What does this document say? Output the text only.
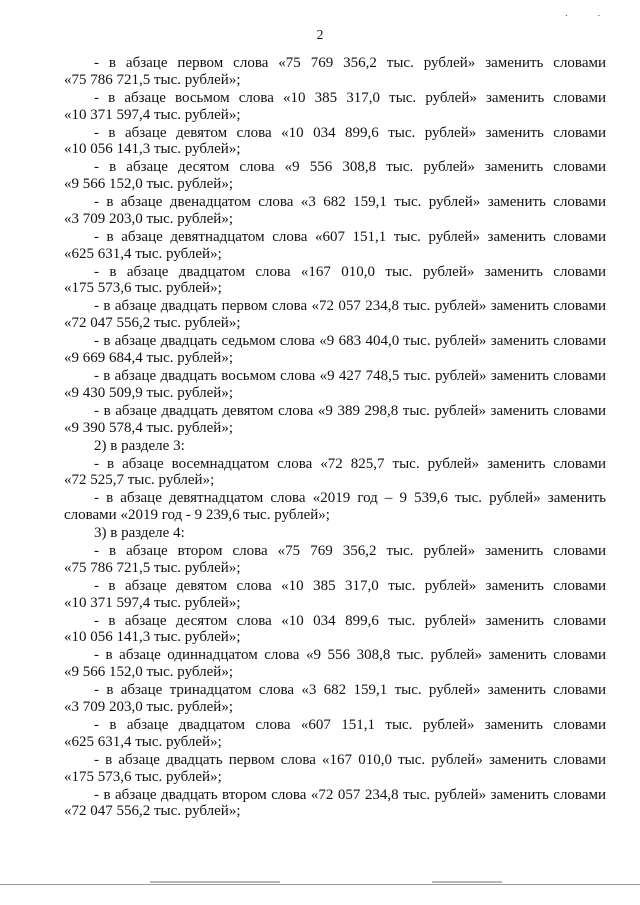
2
. .
- в абзаце первом слова «75 769 356,2 тыс. рублей» заменить словами
«75 786 721,5 тыс. рублей»;
- в абзаце восьмом слова «10 385 317,0 тыс. рублей» заменить словами
«10 371 597,4 тыс. рублей»;
- в абзаце девятом слова «10 034 899,6 тыс. рублей» заменить словами
«10 056 141,3 тыс. рублей»;
- в абзаце десятом слова «9 556 308,8 тыс. рублей» заменить словами
«9 566 152,0 тыс. рублей»;
- в абзаце двенадцатом слова «3 682 159,1 тыс. рублей» заменить словами
«3 709 203,0 тыс. рублей»;
- в абзаце девятнадцатом слова «607 151,1 тыс. рублей» заменить словами
«625 631,4 тыс. рублей»;
- в абзаце двадцатом слова «167 010,0 тыс. рублей» заменить словами
«175 573,6 тыс. рублей»;
- в абзаце двадцать первом слова «72 057 234,8 тыс. рублей» заменить словами
«72 047 556,2 тыс. рублей»;
- в абзаце двадцать седьмом слова «9 683 404,0 тыс. рублей» заменить словами
«9 669 684,4 тыс. рублей»;
- в абзаце двадцать восьмом слова «9 427 748,5 тыс. рублей» заменить словами
«9 430 509,9 тыс. рублей»;
- в абзаце двадцать девятом слова «9 389 298,8 тыс. рублей» заменить словами
«9 390 578,4 тыс. рублей»;
2) в разделе 3:
- в абзаце восемнадцатом слова «72 825,7 тыс. рублей» заменить словами
«72 525,7 тыс. рублей»;
- в абзаце девятнадцатом слова «2019 год – 9 539,6 тыс. рублей» заменить
словами «2019 год - 9 239,6 тыс. рублей»;
3) в разделе 4:
- в абзаце втором слова «75 769 356,2 тыс. рублей» заменить словами
«75 786 721,5 тыс. рублей»;
- в абзаце девятом слова «10 385 317,0 тыс. рублей» заменить словами
«10 371 597,4 тыс. рублей»;
- в абзаце десятом слова «10 034 899,6 тыс. рублей» заменить словами
«10 056 141,3 тыс. рублей»;
- в абзаце одиннадцатом слова «9 556 308,8 тыс. рублей» заменить словами
«9 566 152,0 тыс. рублей»;
- в абзаце тринадцатом слова «3 682 159,1 тыс. рублей» заменить словами
«3 709 203,0 тыс. рублей»;
- в абзаце двадцатом слова «607 151,1 тыс. рублей» заменить словами
«625 631,4 тыс. рублей»;
- в абзаце двадцать первом слова «167 010,0 тыс. рублей» заменить словами
«175 573,6 тыс. рублей»;
- в абзаце двадцать втором слова «72 057 234,8 тыс. рублей» заменить словами
«72 047 556,2 тыс. рублей»;
